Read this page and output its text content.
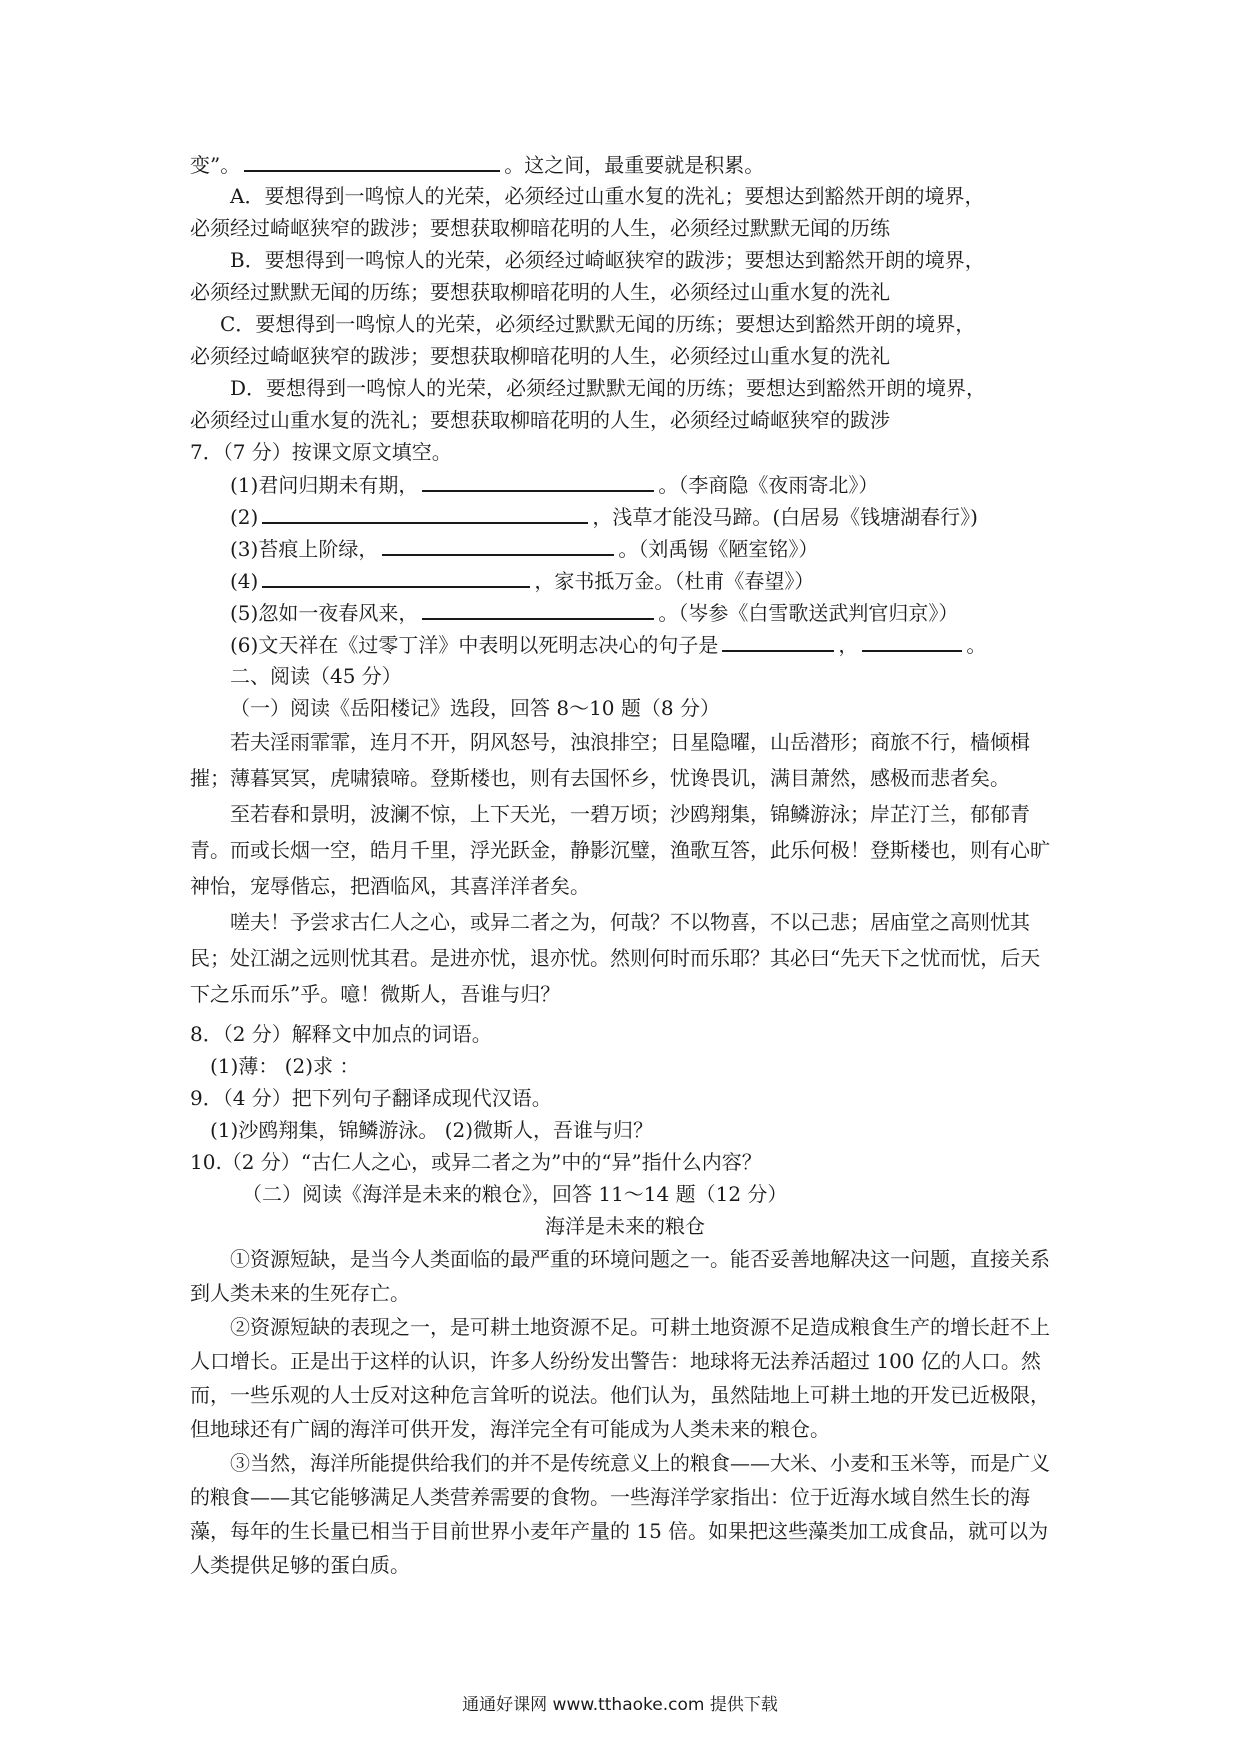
变”。	。这之间，最重要就是积累。
A．要想得到一鸣惊人的光荣，必须经过山重水复的洗礼；要想达到豁然开朗的境界，
必须经过崎岖狭窄的跋涉；要想获取柳暗花明的人生，必须经过默默无闻的历练
B．要想得到一鸣惊人的光荣，必须经过崎岖狭窄的跋涉；要想达到豁然开朗的境界，
必须经过默默无闻的历练；要想获取柳暗花明的人生，必须经过山重水复的洗礼
C．要想得到一鸣惊人的光荣，必须经过默默无闻的历练；要想达到豁然开朗的境界，
必须经过崎岖狭窄的跋涉；要想获取柳暗花明的人生，必须经过山重水复的洗礼
D．要想得到一鸣惊人的光荣，必须经过默默无闻的历练；要想达到豁然开朗的境界，
必须经过山重水复的洗礼；要想获取柳暗花明的人生，必须经过崎岖狭窄的跋涉
7．（7 分）按课文原文填空。
(1)君问归期未有期，	。（李商隐《夜雨寄北》）
(2)	，浅草才能没马蹄。(白居易《钱塘湖春行》)
(3)苔痕上阶绿，	。（刘禹锡《陋室铭》）
(4)	，家书抵万金。（杜甫《春望》）
(5)忽如一夜春风来，	。（岑参《白雪歌送武判官归京》）
(6)文天祥在《过零丁洋》中表明以死明志决心的句子是	，	。
二、阅读（45 分）
（一）阅读《岳阳楼记》选段，回答 8～10 题（8 分）

若夫淫雨霏霏，连月不开，阴风怒号，浊浪排空；日星隐曜，山岳潜形；商旅不行，樯倾楫摧；薄暮冥冥，虎啸猿啼。登斯楼也，则有去国怀乡，忧谗畏讥，满目萧然，感极而悲者矣。

至若春和景明，波澜不惊，上下天光，一碧万顷；沙鸥翔集，锦鳞游泳；岸芷汀兰，郁郁青青。而或长烟一空，皓月千里，浮光跃金，静影沉璧，渔歌互答，此乐何极！登斯楼也，则有心旷神怡，宠辱偕忘，把酒临风，其喜洋洋者矣。

嗟夫！予尝求古仁人之心，或异二者之为，何哉？不以物喜，不以己悲；居庙堂之高则忧其民；处江湖之远则忧其君。是进亦忧，退亦忧。然则何时而乐耶？其必曰“先天下之忧而忧，后天下之乐而乐”乎。噫！微斯人，吾谁与归？

8．（2 分）解释文中加点的词语。
(1)薄： (2)求 ：
9．（4 分）把下列句子翻译成现代汉语。
(1)沙鸥翔集，锦鳞游泳。 (2)微斯人，吾谁与归？
10.（2 分）“古仁人之心，或异二者之为”中的“异”指什么内容？
（二）阅读《海洋是未来的粮仓》，回答 11～14 题（12 分）
海洋是未来的粮仓

①资源短缺，是当今人类面临的最严重的环境问题之一。能否妥善地解决这一问题，直接关系到人类未来的生死存亡。

②资源短缺的表现之一，是可耕土地资源不足。可耕土地资源不足造成粮食生产的增长赶不上人口增长。正是出于这样的认识，许多人纷纷发出警告：地球将无法养活超过 100 亿的人口。然而，一些乐观的人士反对这种危言耸听的说法。他们认为，虽然陆地上可耕土地的开发已近极限，但地球还有广阔的海洋可供开发，海洋完全有可能成为人类未来的粮仓。

③当然，海洋所能提供给我们的并不是传统意义上的粮食——大米、小麦和玉米等，而是广义的粮食——其它能够满足人类营养需要的食物。一些海洋学家指出：位于近海水域自然生长的海藻，每年的生长量已相当于目前世界小麦年产量的 15 倍。如果把这些藻类加工成食品，就可以为人类提供足够的蛋白质。

通通好课网 www.tthaoke.com 提供下载
